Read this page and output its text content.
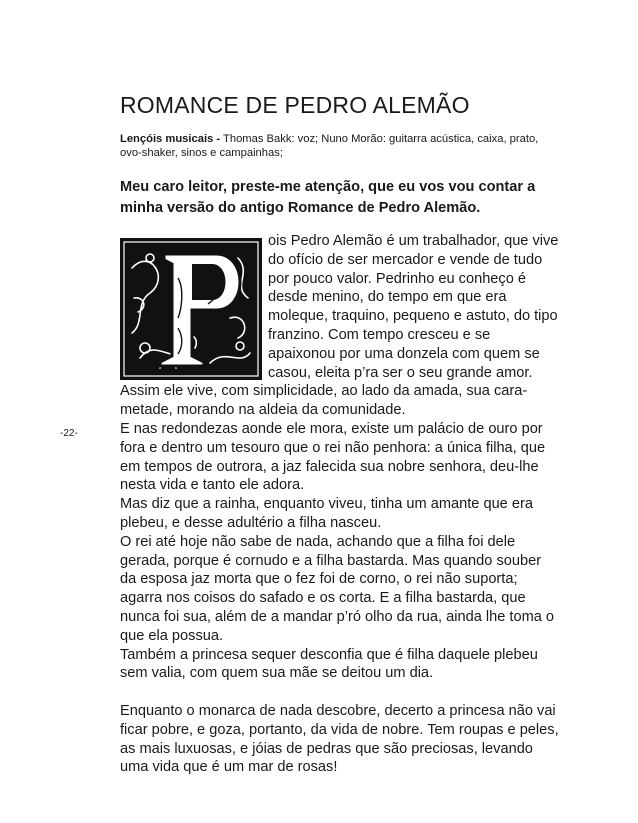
ROMANCE DE PEDRO ALEMÃO
Lençóis musicais - Thomas Bakk: voz; Nuno Morão: guitarra acústica, caixa, prato, ovo-shaker, sinos e campainhas;
Meu caro leitor, preste-me atenção, que eu vos vou contar a minha versão do antigo Romance de Pedro Alemão.
-22-

ois Pedro Alemão é um trabalhador, que vive do ofício de ser mercador e vende de tudo por pouco valor. Pedrinho eu conheço é desde menino, do tempo em que era moleque, traquino, pequeno e astuto, do tipo franzino. Com tempo cresceu e se apaixonou por uma donzela com quem se casou, eleita p’ra ser o seu grande amor.

Assim ele vive, com simplicidade, ao lado da amada, sua cara-metade, morando na aldeia da comunidade.

E nas redondezas aonde ele mora, existe um palácio de ouro por fora e dentro um tesouro que o rei não penhora: a única filha, que em tempos de outrora, a jaz falecida sua nobre senhora, deu-lhe nesta vida e tanto ele adora.

Mas diz que a rainha, enquanto viveu, tinha um amante que era plebeu, e desse adultério a filha nasceu.

O rei até hoje não sabe de nada, achando que a filha foi dele gerada, porque é cornudo e a filha bastarda. Mas quando souber da esposa jaz morta que o fez foi de corno, o rei não suporta; agarra nos coisos do safado e os corta. E a filha bastarda, que nunca foi sua, além de a mandar p’ró olho da rua, ainda lhe toma o que ela possua.

Também a princesa sequer desconfia que é filha daquele plebeu sem valia, com quem sua mãe se deitou um dia.

Enquanto o monarca de nada descobre, decerto a princesa não vai ficar pobre, e goza, portanto, da vida de nobre. Tem roupas e peles, as mais luxuosas, e jóias de pedras que são preciosas, levando uma vida que é um mar de rosas!
